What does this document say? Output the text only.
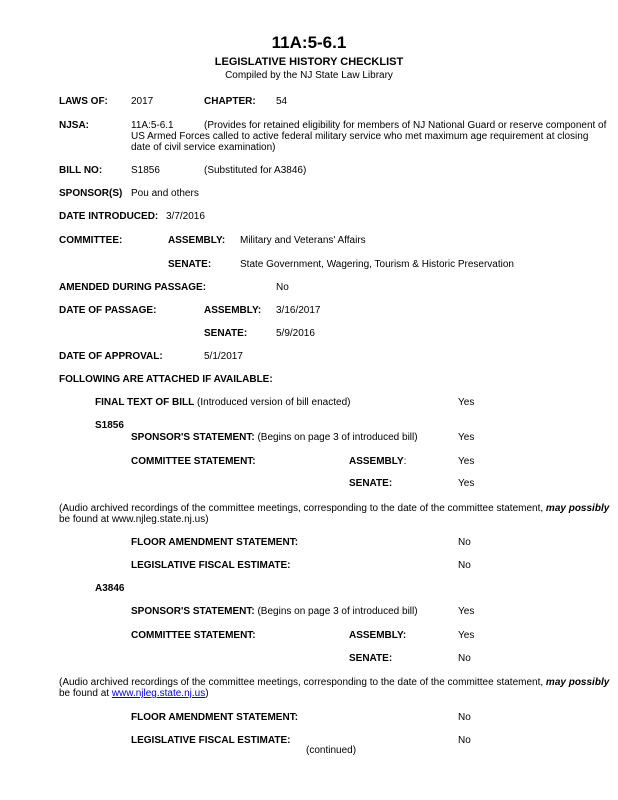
11A:5-6.1
LEGISLATIVE HISTORY CHECKLIST
Compiled by the NJ State Law Library
LAWS OF: 2017	CHAPTER: 54
NJSA:	11A:5-6.1	(Provides for retained eligibility for members of NJ National Guard or reserve component of
US Armed Forces called to active federal military service who met maximum age requirement at closing
date of civil service examination)
BILL NO:	S1856	(Substituted for A3846)
SPONSOR(S) Pou and others
DATE INTRODUCED: 3/7/2016
COMMITTEE:	ASSEMBLY: Military and Veterans' Affairs
SENATE:	State Government, Wagering, Tourism & Historic Preservation
AMENDED DURING PASSAGE:	No
DATE OF PASSAGE:	ASSEMBLY: 3/16/2017
SENATE:	5/9/2016
DATE OF APPROVAL:	5/1/2017
FOLLOWING ARE ATTACHED IF AVAILABLE:
FINAL TEXT OF BILL (Introduced version of bill enacted)	Yes
S1856
SPONSOR'S STATEMENT: (Begins on page 3 of introduced bill)	Yes
COMMITTEE STATEMENT:	ASSEMBLY:	Yes
SENATE:	Yes
(Audio archived recordings of the committee meetings, corresponding to the date of the committee statement, may possibly
be found at www.njleg.state.nj.us)
FLOOR AMENDMENT STATEMENT:	No
LEGISLATIVE FISCAL ESTIMATE:	No
A3846
SPONSOR'S STATEMENT: (Begins on page 3 of introduced bill)	Yes
COMMITTEE STATEMENT:	ASSEMBLY:	Yes
SENATE:	No
(Audio archived recordings of the committee meetings, corresponding to the date of the committee statement, may possibly
be found at www.njleg.state.nj.us)
FLOOR AMENDMENT STATEMENT:	No
LEGISLATIVE FISCAL ESTIMATE:	No
(continued)
